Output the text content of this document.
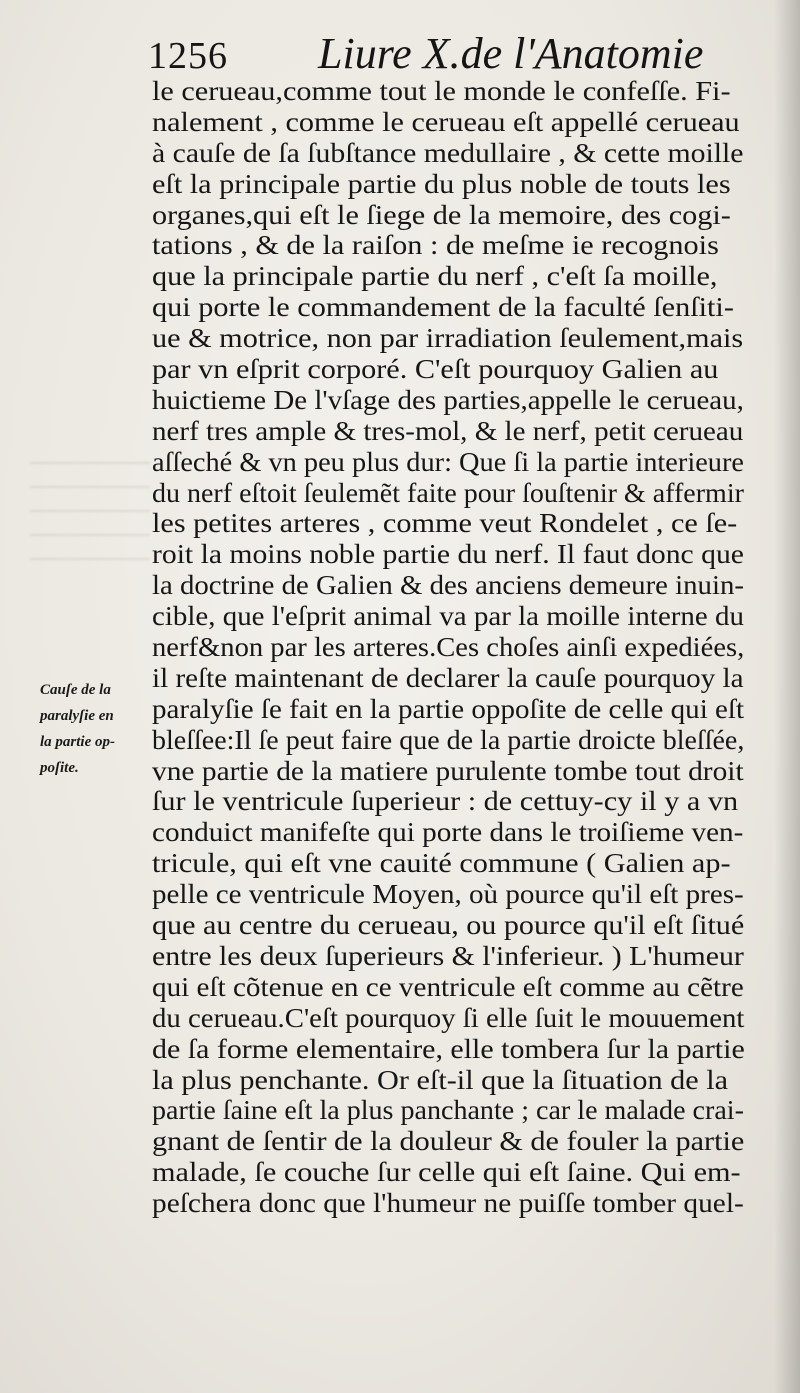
1256 Liure X.de l'Anatomie
Cauſe de la
paralyſie en
la partie op-
poſite.
le cerueau,comme tout le monde le confeſſe. Fi-
nalement , comme le cerueau eſt appellé cerueau
à cauſe de ſa ſubſtance medullaire , & cette moille
eſt la principale partie du plus noble de touts les
organes,qui eſt le ſiege de la memoire, des cogi-
tations , & de la raiſon : de meſme ie recognois
que la principale partie du nerf , c'eſt ſa moille,
qui porte le commandement de la faculté ſenſiti-
ue & motrice, non par irradiation ſeulement,mais
par vn eſprit corporé. C'eſt pourquoy Galien au
huictieme De l'vſage des parties,appelle le cerueau,
nerf tres ample & tres-mol, & le nerf, petit cerueau
aſſeché & vn peu plus dur: Que ſi la partie interieure
du nerf eſtoit ſeulemẽt faite pour ſouſtenir & affermir
les petites arteres , comme veut Rondelet , ce ſe-
roit la moins noble partie du nerf. Il faut donc que
la doctrine de Galien & des anciens demeure inuin-
cible, que l'eſprit animal va par la moille interne du
nerf&non par les arteres.Ces choſes ainſi expediées,
il reſte maintenant de declarer la cauſe pourquoy la
paralyſie ſe fait en la partie oppoſite de celle qui eſt
bleſſee:Il ſe peut faire que de la partie droicte bleſſée,
vne partie de la matiere purulente tombe tout droit
ſur le ventricule ſuperieur : de cettuy-cy il y a vn
conduict manifeſte qui porte dans le troiſieme ven-
tricule, qui eſt vne cauité commune ( Galien ap-
pelle ce ventricule Moyen, où pource qu'il eſt pres-
que au centre du cerueau, ou pource qu'il eſt ſitué
entre les deux ſuperieurs & l'inferieur. ) L'humeur
qui eſt cõtenue en ce ventricule eſt comme au cẽtre
du cerueau.C'eſt pourquoy ſi elle ſuit le mouuement
de ſa forme elementaire, elle tombera ſur la partie
la plus penchante. Or eſt-il que la ſituation de la
partie ſaine eſt la plus panchante ; car le malade crai-
gnant de ſentir de la douleur & de fouler la partie
malade, ſe couche ſur celle qui eſt ſaine. Qui em-
peſchera donc que l'humeur ne puiſſe tomber quel-
